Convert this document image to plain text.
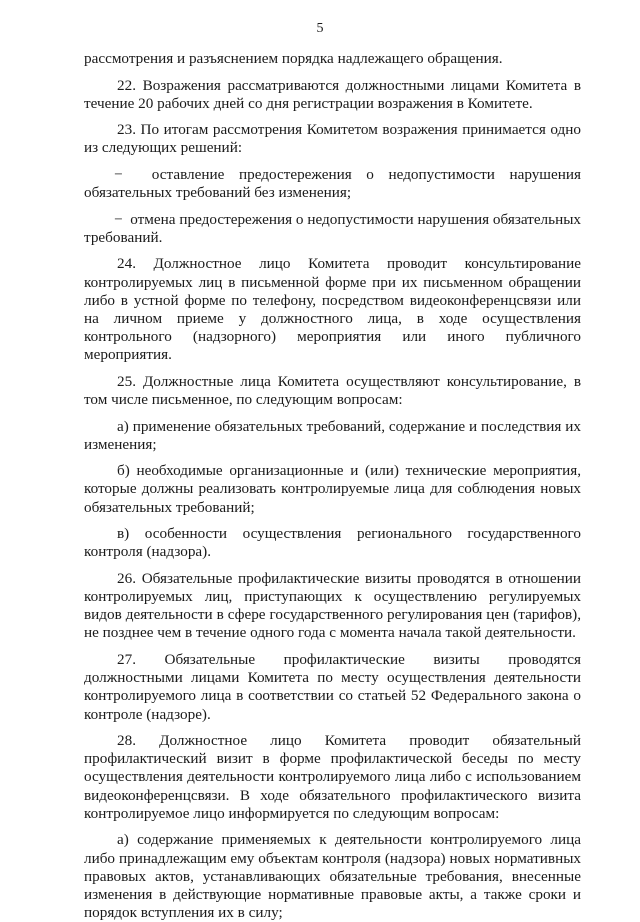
5

рассмотрения и разъяснением порядка надлежащего обращения.

22. Возражения рассматриваются должностными лицами Комитета в течение 20 рабочих дней со дня регистрации возражения в Комитете.

23. По итогам рассмотрения Комитетом возражения принимается одно из следующих решений:

−  оставление предостережения о недопустимости нарушения обязательных требований без изменения;

−  отмена предостережения о недопустимости нарушения обязательных требований.

24. Должностное лицо Комитета проводит консультирование контролируемых лиц в письменной форме при их письменном обращении либо в устной форме по телефону, посредством видеоконференцсвязи или на личном приеме у должностного лица, в ходе осуществления контрольного (надзорного) мероприятия или иного публичного мероприятия.

25. Должностные лица Комитета осуществляют консультирование, в том числе письменное, по следующим вопросам:

а) применение обязательных требований, содержание и последствия их изменения;

б) необходимые организационные и (или) технические мероприятия, которые должны реализовать контролируемые лица для соблюдения новых обязательных требований;

в) особенности осуществления регионального государственного контроля (надзора).

26. Обязательные профилактические визиты проводятся в отношении контролируемых лиц, приступающих к осуществлению регулируемых видов деятельности в сфере государственного регулирования цен (тарифов), не позднее чем в течение одного года с момента начала такой деятельности.

27. Обязательные профилактические визиты проводятся должностными лицами Комитета по месту осуществления деятельности контролируемого лица в соответствии со статьей 52 Федерального закона о контроле (надзоре).

28. Должностное лицо Комитета проводит обязательный профилактический визит в форме профилактической беседы по месту осуществления деятельности контролируемого лица либо с использованием видеоконференцсвязи. В ходе обязательного профилактического визита контролируемое лицо информируется по следующим вопросам:

а) содержание применяемых к деятельности контролируемого лица либо принадлежащим ему объектам контроля (надзора) новых нормативных правовых актов, устанавливающих обязательные требования, внесенные изменения в действующие нормативные правовые акты, а также сроки и порядок вступления их в силу;
